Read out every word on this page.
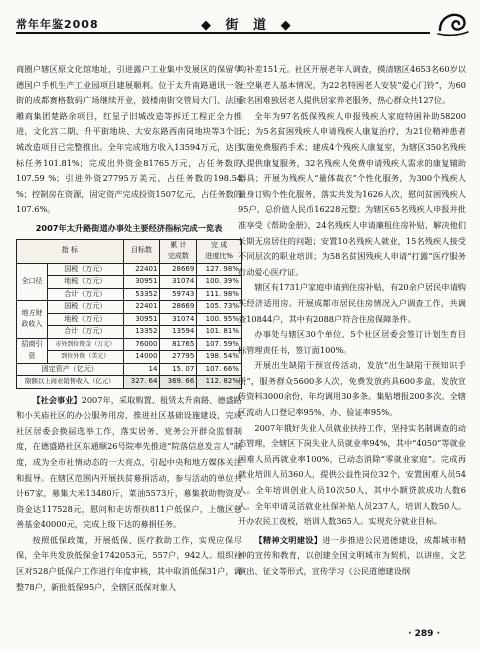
常年年鉴2008	◆ 街 道 ◆

商圈户辖区原文化馆地址，引进露户工业集中发展区的保留华德国户手机生产工业园项目建展顺利。位于太升南路通讯一条街的成都赛格数码广场继续开业，鼓楼南街交管局大门、法国雕商集团楚路余项目，红星子旧城改造等拆迁工程正全力推进，文化宫二期、升平街地块、大安东路西南岗地块等3个旧城改造项目已完整推出。全年完成地方收入13594万元，达目标任务101.81%；完成出外资金81765万元，占任务数的107.59 %；引进外资27795万美元，占任务数的198.54 %；控制房在资源，固定资产完成投资1507亿元，占任务数的107.6%。

2007年太升路街道办事处主要经济指标完成一览表
指 标		目标数	累 计
完成数	完 成
进度比%
全口径	国税（万元）	22401	28669	127. 98%
	地税（万元）	30951	31074	100. 39%
	合计（万元）	53352	59743	111. 98%
地方财政收入	国税（万元）	22401	28669	105. 73%
	地税（万元）	30951	31074	100. 95%
	合计（万元）	13352	13594	101. 81%
招商引资	市外到位资金（万元）	76000	81765	107. 59%
	到位外资（美元）	14000	27795	198. 54%
固定资产（亿元）		14	15. 07	107. 66%
限额以上商业销售收入（亿元）		327. 64	369. 66	112. 82%

【社会事业】2007年，采取购置、租赁太升南路、德盛路和小关庙社区的办公服务用房，推进社区基础设施建设，完成社区居委会换届选举工作，落实居务、党务公开群众监督制度，在德盛路社区东通顺26号院率先推进“院落信息发言人”制度，成为全市社情动态的一大亮点，引起中央和地方媒体关注和报导。在辖区范围内开展扶贫募捐活动，参与活动的单位共计67家，募集大米13480斤，菜油5573斤，募集救助物资及资金达117528元，慰问和走访帮扶811户低保户，上缴区慈善基金40000元，完成上级下达的募捐任务。

按照低保政策，开展低保、医疗救助工作，实现应保尽保，全年共发放低保金1742053元，557户，942人。组织社区对528户低保户工作进行年度审核，其中取消低保31户，调整78户，新批低保95户，全辖区低保对象人

均补差151元。社区开展老年人调查，摸清辖区4653名60岁以上空巢老人基本情况，为22名特困老人安装“爱心门铃”，为60余名困难独居老人提供居家养老服务，热心群众共127位。

全年为97名低保残疾人申报残疾人家庭特困补助58200元；为5名贫困残疾人申请残疾人康复治疗，为21位精神患者实施免费服药手术；建成4个残疾人康复室，为辖区350名残疾人提供康复服务，32名残疾人免费申请残疾人需求的康复辅助器具；开展为残疾人“量体裁衣”个性化服务，为300个残疾人量身订购个性化服务，落实共发为1626人次，慰问贫困残疾人95户，总价值人民币16228元整；为辖区65名残疾人申报并批准享受《帮助金册》，24名残疾人申请廉租住房补贴，解决他们长期无房居住的问题；安置10名残疾人就业，15名残疾人接受不同层次的职业培训；为58名贫困残疾人申请“打露”医疗服务行动爱心医疗证。

辖区有1731户家庭申请到住房补贴，有20余户居民申请购买经济适用房。开展成都市居民住房情况入户调查工作，共调查10844户，其中有2088户符合住房保障条件。

办事处与辖区30个单位、5个社区居委会签订计划生育目标管理责任书，签订面100%。

开展出生缺陷干预宣传活动，发放“出生缺陷干预知识手册”，服务群众5600多人次，免费发放药具600多盒，发放宣传资料3000余份，年均调用30多条。集贴增报200多次。全辖区流动人口登记率95%，办、验证率95%。

2007年俄好失业人员就业扶持工作，坚持实名制调查的动态管理，全辖区下岗失业人员就业率94%，其中“4050”等就业困难人员再就业率100%，已动态消除“零就业家庭”。完成再就业培训人员360人，提供公益性岗位32个，安置困难人员54人。全年培训创业人员10次50人，其中小额贷款成功人数6人。全年申请灵活就业社保补贴人员237人，培训人数50人。开办农民工夜校，培训人数365人。实现充分就业目标。

【精神文明建设】进一步推进公民道德建设，成都城市精神的宣传和教育，以创建全国文明城市为契机，以讲座、文艺演出、征文等形式，宣传学习《公民道德建设纲

· 289 ·
